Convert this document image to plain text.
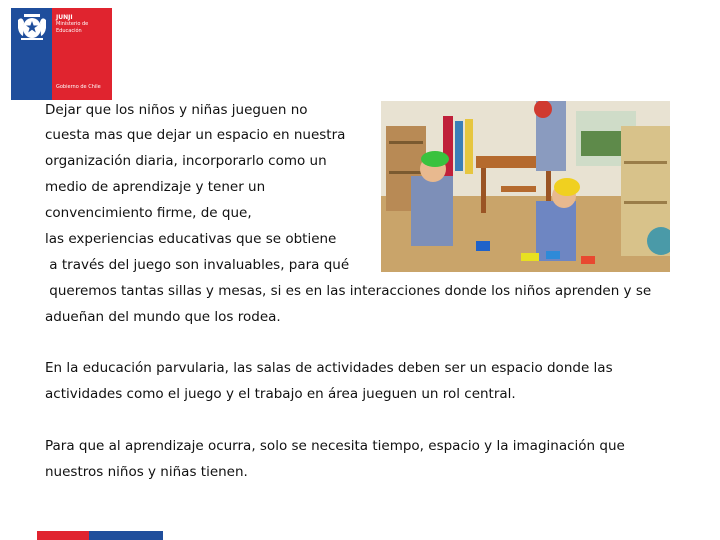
JUNJI
Ministerio de
Educación
Gobierno de Chile
Dejar que los niños y niñas jueguen no
cuesta mas que dejar un espacio en nuestra
organización diaria, incorporarlo como un
medio de aprendizaje y tener un
convencimiento firme, de que,
las experiencias educativas que se obtiene
a través del juego son invaluables, para qué
queremos tantas sillas y mesas, si es en las interacciones donde los niños aprenden y se
adueñan del mundo que los rodea.
En la educación parvularia, las salas de actividades deben ser un espacio donde las
actividades como el juego y el trabajo en área jueguen un rol central.
Para que al aprendizaje ocurra, solo se necesita tiempo, espacio y la imaginación que
nuestros niños y niñas tienen.
